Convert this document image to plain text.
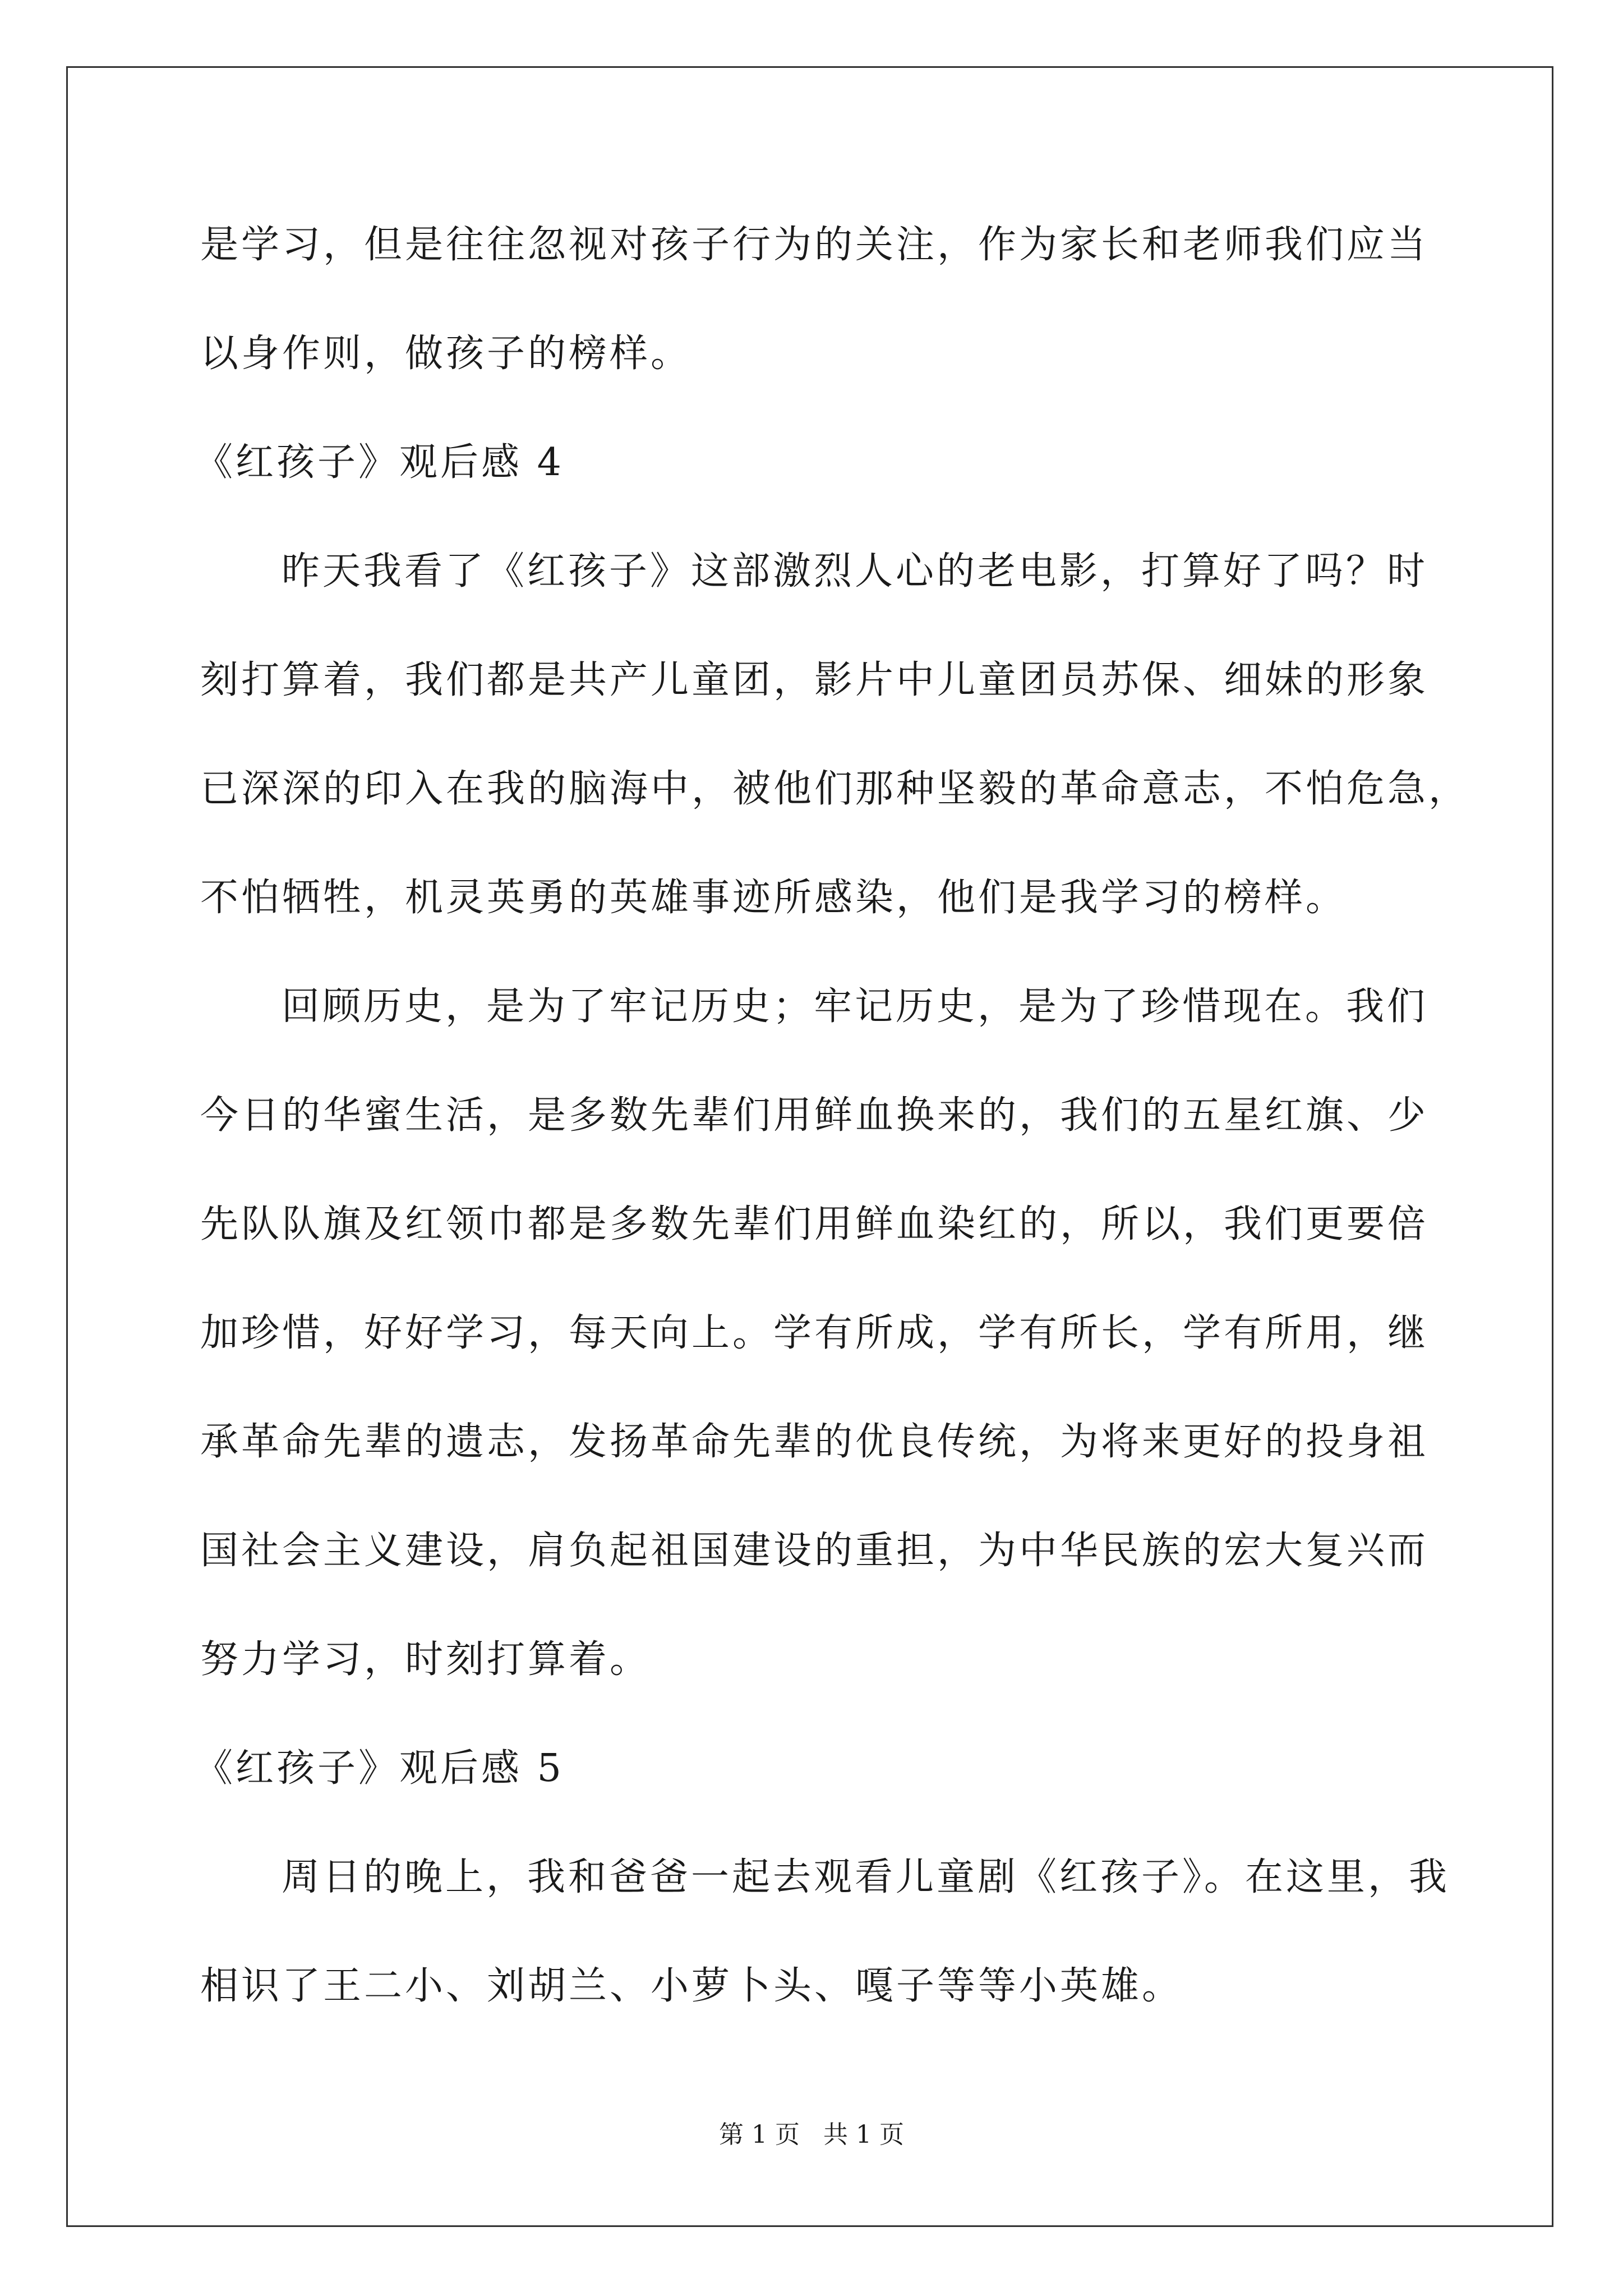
是学习，但是往往忽视对孩子行为的关注，作为家长和老师我们应当
以身作则，做孩子的榜样。
《红孩子》观后感 4
昨天我看了《红孩子》这部激烈人心的老电影，打算好了吗？时
刻打算着，我们都是共产儿童团，影片中儿童团员苏保、细妹的形象
已深深的印入在我的脑海中，被他们那种坚毅的革命意志，不怕危急，
不怕牺牲，机灵英勇的英雄事迹所感染，他们是我学习的榜样。
回顾历史，是为了牢记历史；牢记历史，是为了珍惜现在。我们
今日的华蜜生活，是多数先辈们用鲜血换来的，我们的五星红旗、少
先队队旗及红领巾都是多数先辈们用鲜血染红的，所以，我们更要倍
加珍惜，好好学习，每天向上。学有所成，学有所长，学有所用，继
承革命先辈的遗志，发扬革命先辈的优良传统，为将来更好的投身祖
国社会主义建设，肩负起祖国建设的重担，为中华民族的宏大复兴而
努力学习，时刻打算着。
《红孩子》观后感 5
周日的晚上，我和爸爸一起去观看儿童剧《红孩子》。在这里，我
相识了王二小、刘胡兰、小萝卜头、嘎子等等小英雄。
第 1 页   共 1 页
